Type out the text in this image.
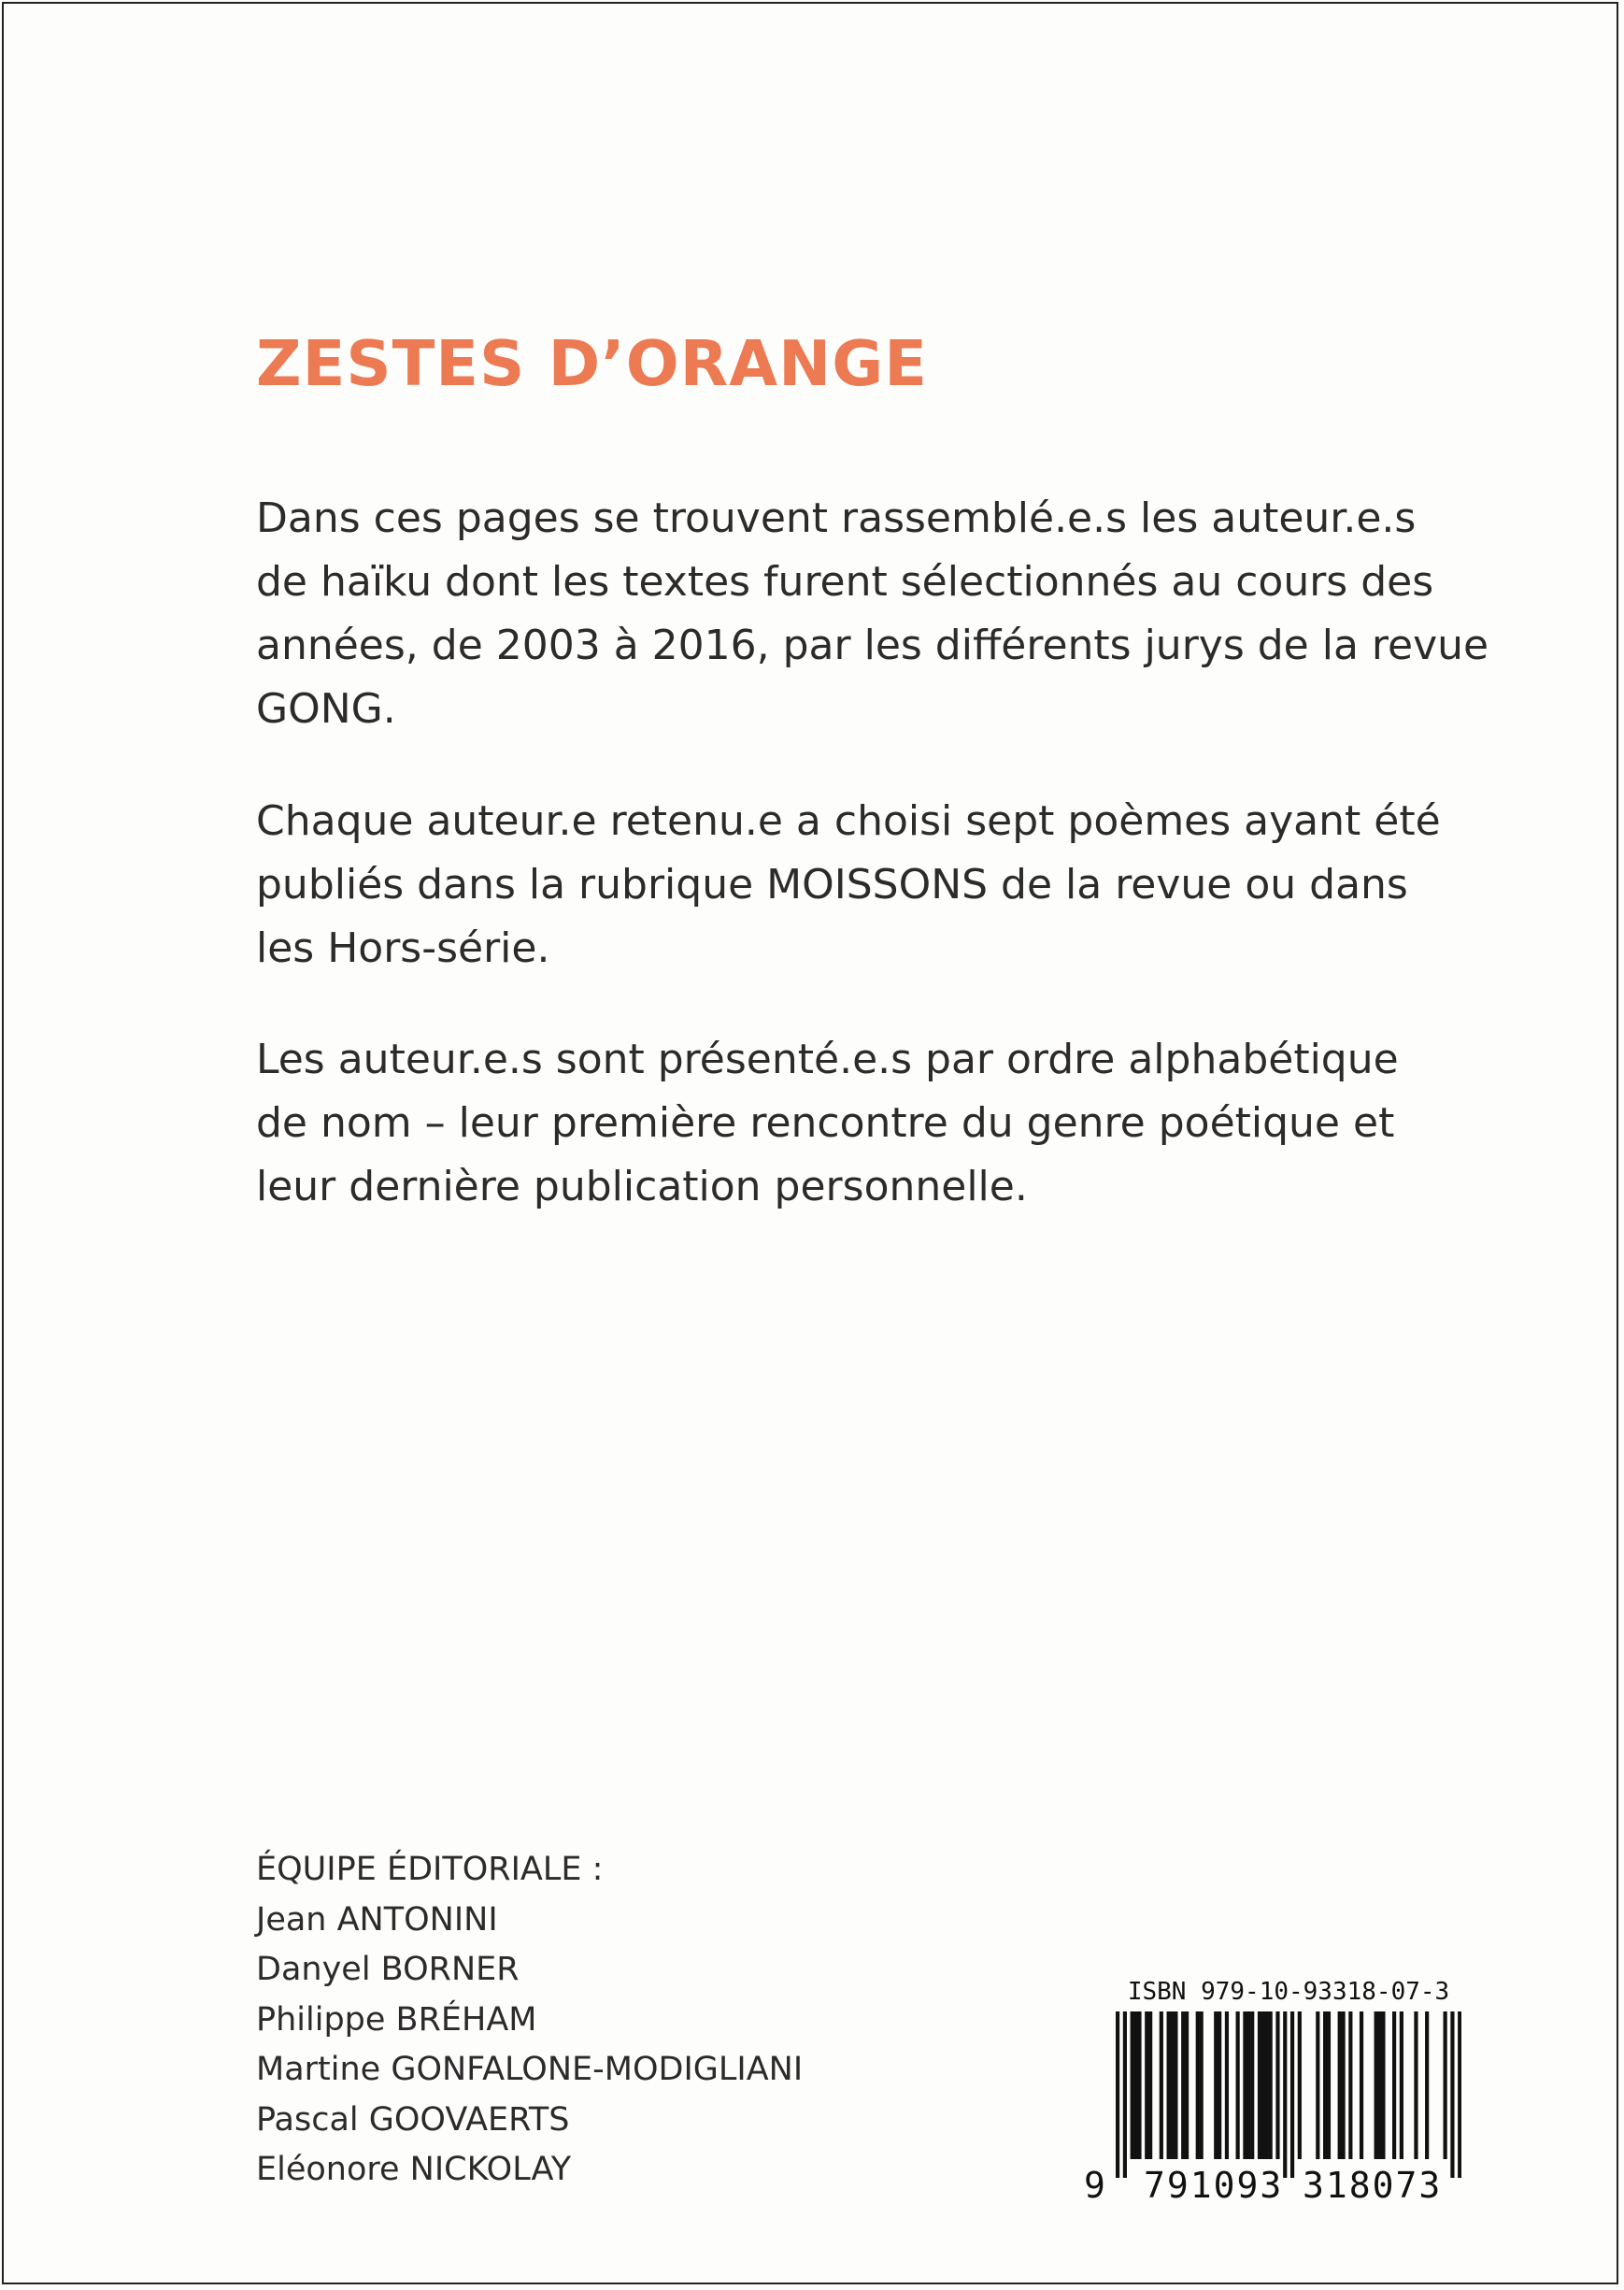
ZESTES D’ORANGE

Dans ces pages se trouvent rassemblé.e.s les auteur.e.s
de haïku dont les textes furent sélectionnés au cours des
années, de 2003 à 2016, par les différents jurys de la revue
GONG.

Chaque auteur.e retenu.e a choisi sept poèmes ayant été
publiés dans la rubrique MOISSONS de la revue ou dans
les Hors-série.

Les auteur.e.s sont présenté.e.s par ordre alphabétique
de nom – leur première rencontre du genre poétique et
leur dernière publication personnelle.

ÉQUIPE ÉDITORIALE :
Jean ANTONINI
Danyel BORNER
Philippe BRÉHAM
Martine GONFALONE-MODIGLIANI
Pascal GOOVAERTS
Eléonore NICKOLAY
ISBN 979-10-93318-07-3
9 791093 318073
